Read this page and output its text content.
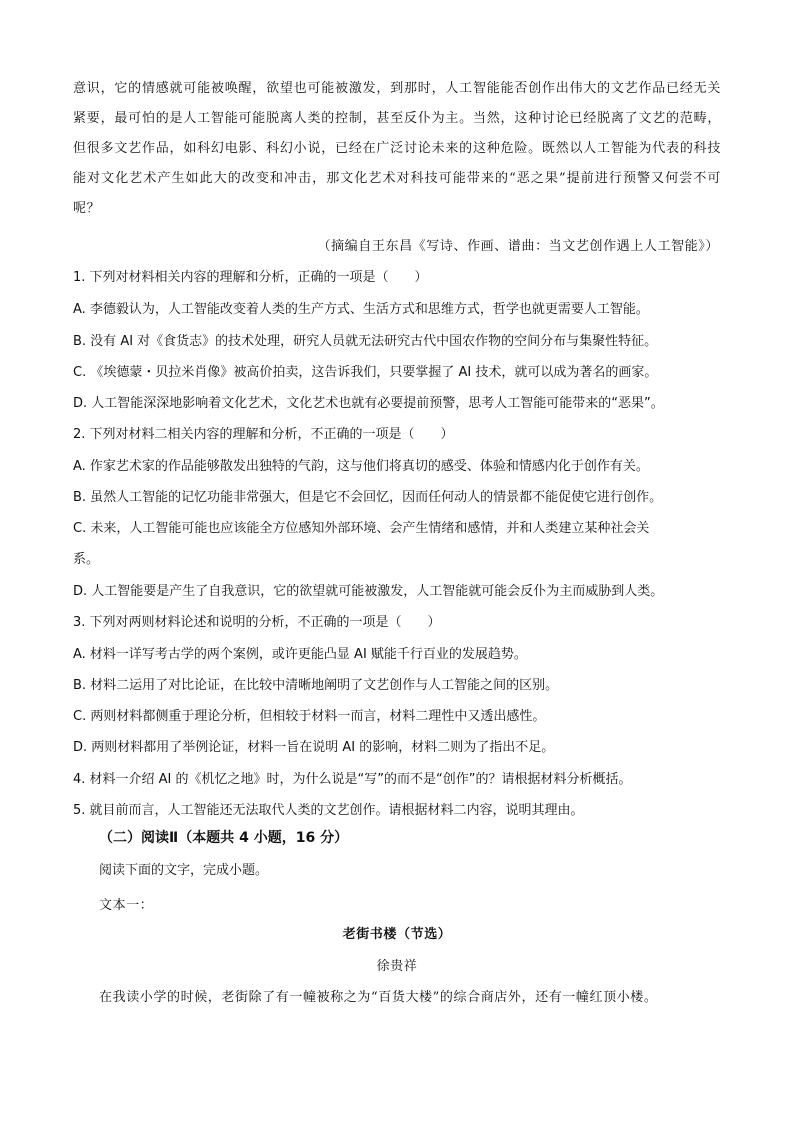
意识，它的情感就可能被唤醒，欲望也可能被激发，到那时，人工智能能否创作出伟大的文艺作品已经无关紧要，最可怕的是人工智能可能脱离人类的控制，甚至反仆为主。当然，这种讨论已经脱离了文艺的范畴，但很多文艺作品，如科幻电影、科幻小说，已经在广泛讨论未来的这种危险。既然以人工智能为代表的科技能对文化艺术产生如此大的改变和冲击，那文化艺术对科技可能带来的“恶之果”提前进行预警又何尝不可呢？
（摘编自王东昌《写诗、作画、谱曲：当文艺创作遇上人工智能》）
1. 下列对材料相关内容的理解和分析，正确的一项是（　　）
A. 李德毅认为，人工智能改变着人类的生产方式、生活方式和思维方式，哲学也就更需要人工智能。
B. 没有 AI 对《食货志》的技术处理，研究人员就无法研究古代中国农作物的空间分布与集聚性特征。
C. 《埃德蒙・贝拉米肖像》被高价拍卖，这告诉我们，只要掌握了 AI 技术，就可以成为著名的画家。
D. 人工智能深深地影响着文化艺术，文化艺术也就有必要提前预警，思考人工智能可能带来的“恶果”。
2. 下列对材料二相关内容的理解和分析，不正确的一项是（　　）
A. 作家艺术家的作品能够散发出独特的气韵，这与他们将真切的感受、体验和情感内化于创作有关。
B. 虽然人工智能的记忆功能非常强大，但是它不会回忆，因而任何动人的情景都不能促使它进行创作。
C. 未来，人工智能可能也应该能全方位感知外部环境、会产生情绪和感情，并和人类建立某种社会关
系。
D. 人工智能要是产生了自我意识，它的欲望就可能被激发，人工智能就可能会反仆为主而威胁到人类。
3. 下列对两则材料论述和说明的分析，不正确的一项是（　　）
A. 材料一详写考古学的两个案例，或许更能凸显 AI 赋能千行百业的发展趋势。
B. 材料二运用了对比论证，在比较中清晰地阐明了文艺创作与人工智能之间的区别。
C. 两则材料都侧重于理论分析，但相较于材料一而言，材料二理性中又透出感性。
D. 两则材料都用了举例论证，材料一旨在说明 AI 的影响，材料二则为了指出不足。
4. 材料一介绍 AI 的《机忆之地》时，为什么说是“写”的而不是“创作”的？请根据材料分析概括。
5. 就目前而言，人工智能还无法取代人类的文艺创作。请根据材料二内容，说明其理由。
（二）阅读Ⅱ（本题共 4 小题，16 分）
阅读下面的文字，完成小题。
文本一：
老街书楼（节选）
徐贵祥
在我读小学的时候，老街除了有一幢被称之为“百货大楼”的综合商店外，还有一幢红顶小楼。
